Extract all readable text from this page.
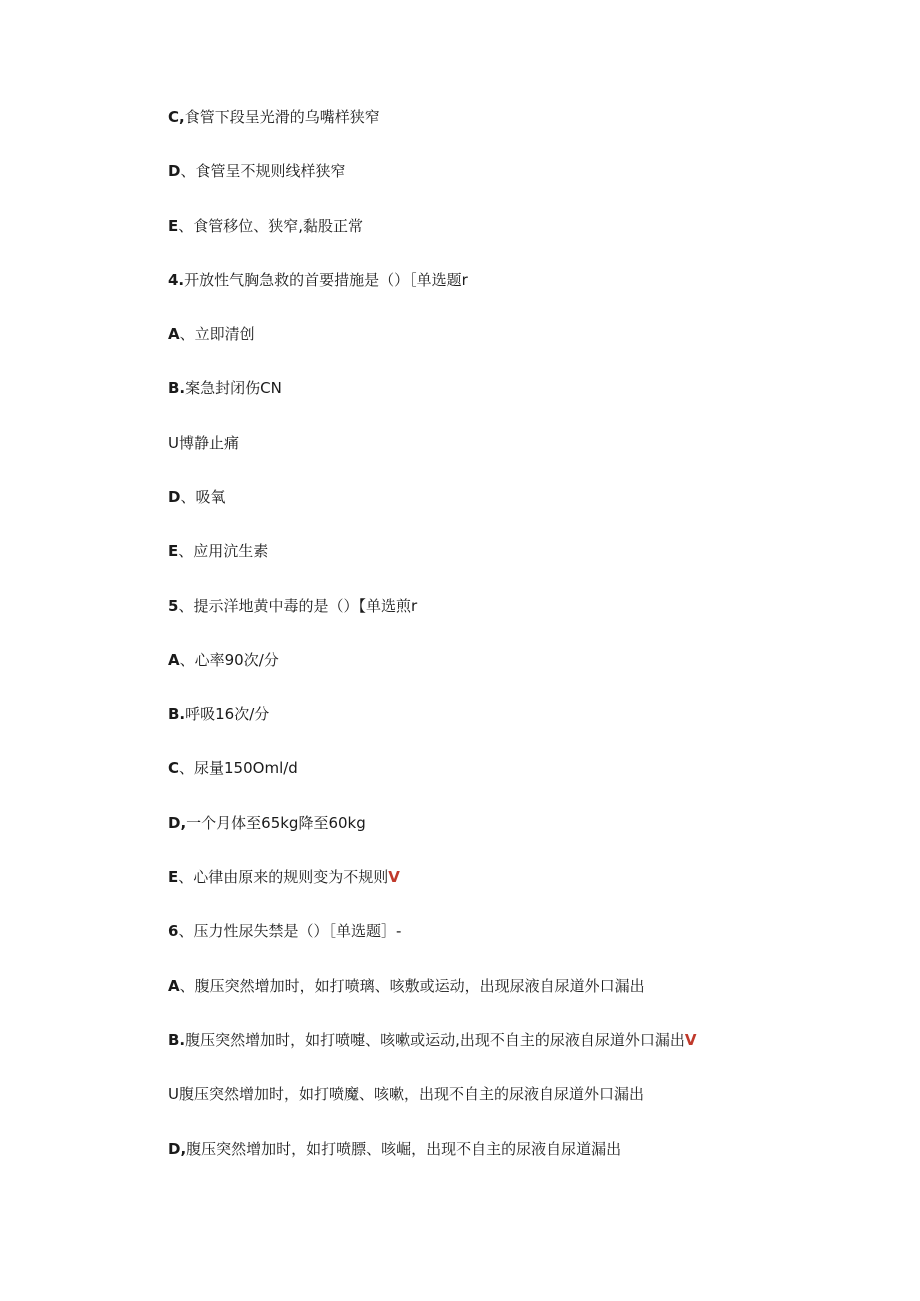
C,食管下段呈光滑的乌嘴样狭窄
D、食管呈不规则线样狭窄
E、食管移位、狭窄,黏股正常
4.开放性气胸急救的首要措施是（）［单选题r
A、立即清创
B.案急封闭伤CN
U博静止痛
D、吸氧
E、应用沆生素
5、提示洋地黄中毒的是（）【单选煎r
A、心率90次/分
B.呼吸16次/分
C、尿量150Oml/d
D,一个月体至65kg降至60kg
E、心律由原来的规则变为不规则V
6、压力性尿失禁是（）［单选题］-
A、腹压突然增加时，如打喷璃、咳敷或运动，出现尿液自尿道外口漏出
B.腹压突然增加时，如打喷嚏、咳嗽或运动,出现不自主的尿液自尿道外口漏出V
U腹压突然增加时，如打喷魔、咳嗽，出现不自主的尿液自尿道外口漏出
D,腹压突然增加时，如打喷膘、咳崛，出现不自主的尿液自尿道漏出
